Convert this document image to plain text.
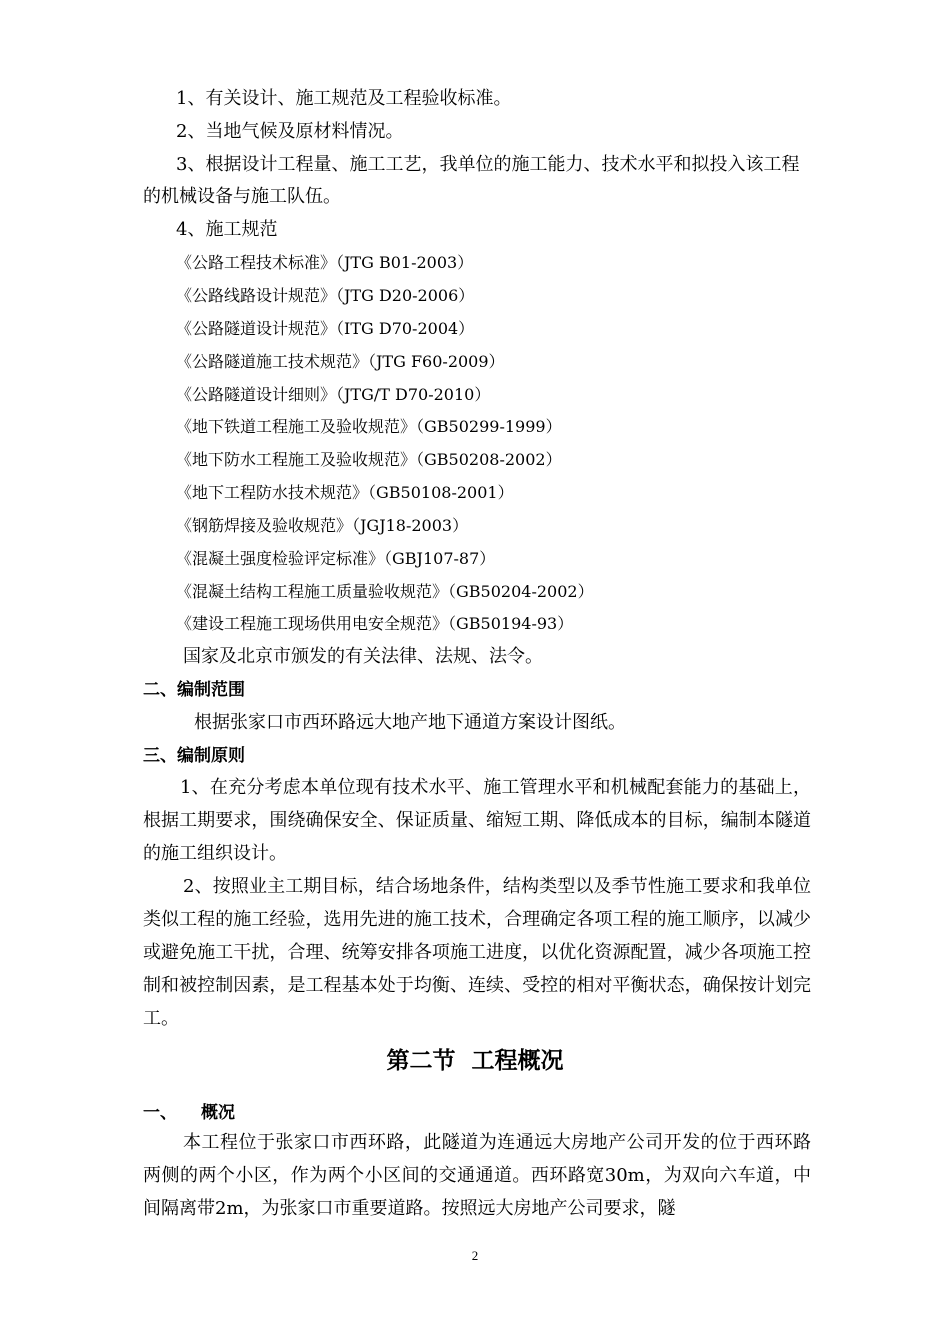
1、有关设计、施工规范及工程验收标准。
2、当地气候及原材料情况。
3、根据设计工程量、施工工艺，我单位的施工能力、技术水平和拟投入该工程
的机械设备与施工队伍。
4、施工规范
《公路工程技术标准》（JTG B01-2003）
《公路线路设计规范》（JTG D20-2006）
《公路隧道设计规范》（ITG D70-2004）
《公路隧道施工技术规范》（JTG F60-2009）
《公路隧道设计细则》（JTG/T D70-2010）
《地下铁道工程施工及验收规范》（GB50299-1999）
《地下防水工程施工及验收规范》（GB50208-2002）
《地下工程防水技术规范》（GB50108-2001）
《钢筋焊接及验收规范》（JGJ18-2003）
《混凝土强度检验评定标准》（GBJ107-87）
《混凝土结构工程施工质量验收规范》（GB50204-2002）
《建设工程施工现场供用电安全规范》（GB50194-93）
国家及北京市颁发的有关法律、法规、法令。
二、编制范围
根据张家口市西环路远大地产地下通道方案设计图纸。
三、编制原则
1、在充分考虑本单位现有技术水平、施工管理水平和机械配套能力的基础上，根据工期要求，围绕确保安全、保证质量、缩短工期、降低成本的目标，编制本隧道的施工组织设计。
2、按照业主工期目标，结合场地条件，结构类型以及季节性施工要求和我单位类似工程的施工经验，选用先进的施工技术，合理确定各项工程的施工顺序，以减少或避免施工干扰，合理、统筹安排各项施工进度，以优化资源配置，减少各项施工控制和被控制因素，是工程基本处于均衡、连续、受控的相对平衡状态，确保按计划完工。
第二节  工程概况
一、 概况
本工程位于张家口市西环路，此隧道为连通远大房地产公司开发的位于西环路两侧的两个小区，作为两个小区间的交通通道。西环路宽30m，为双向六车道，中间隔离带2m，为张家口市重要道路。按照远大房地产公司要求，隧
2
